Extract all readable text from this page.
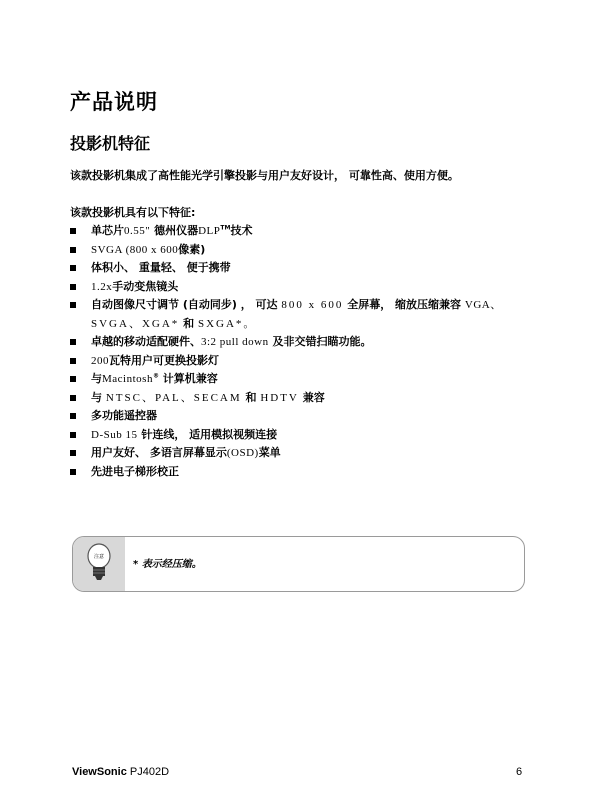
产品说明
投影机特征

该款投影机集成了高性能光学引擎投影与用户友好设计， 可靠性高、使用方便。

该款投影机具有以下特征:

单芯片0.55" 德州仪器DLP™技术
SVGA (800 x 600像素)
体积小、 重量轻、 便于携带
1.2x手动变焦镜头
自动图像尺寸调节 (自动同步) ， 可达 800 x 600 全屏幕， 缩放压缩兼容 VGA、
SVGA、XGA* 和 SXGA*。
卓越的移动适配硬件、3:2 pull down 及非交错扫瞄功能。
200瓦特用户可更换投影灯
与Macintosh® 计算机兼容
与 NTSC、PAL、SECAM 和 HDTV 兼容
多功能遥控器
D-Sub 15 针连线， 适用模拟视频连接
用户友好、 多语言屏幕显示(OSD)菜单
先进电子梯形校正
注意

* 表示经压缩。

ViewSonic PJ402D	6
